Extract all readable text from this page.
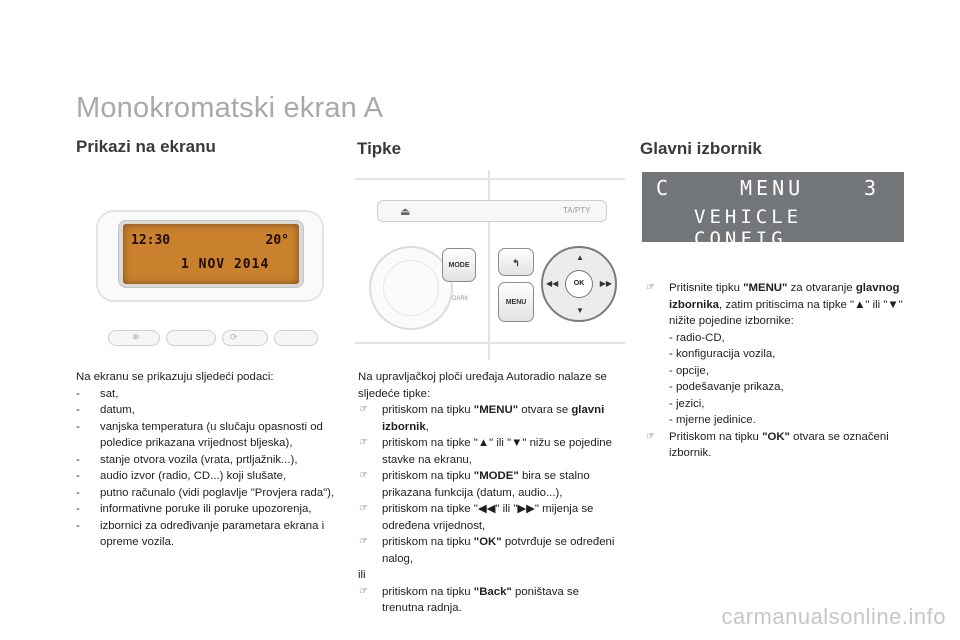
Monokromatski ekran A
Prikazi na ekranu	Tipke	Glavni izbornik
12:30	20°
1 NOV 2014
❄	⟳
⏏	TA/PTY
MODE
DARK
↰
MENU
▲
▼
◀◀	▶▶
OK
C	MENU	3
VEHICLE CONFIG
Na ekranu se prikazuju sljedeći podaci:
- sat,
- datum,
- vanjska temperatura (u slučaju opasnosti od poledice prikazana vrijednost bljeska),
- stanje otvora vozila (vrata, prtljažnik...),
- audio izvor (radio, CD...) koji slušate,
- putno računalo (vidi poglavlje "Provjera rada"),
- informativne poruke ili poruke upozorenja,
- izbornici za određivanje parametara ekrana i opreme vozila.
Na upravljačkoj ploči uređaja Autoradio nalaze se sljedeće tipke:
☞ pritiskom na tipku "MENU" otvara se glavni izbornik,
☞ pritiskom na tipke "▲" ili "▼" nižu se pojedine stavke na ekranu,
☞ pritiskom na tipku "MODE" bira se stalno prikazana funkcija (datum, audio...),
☞ pritiskom na tipke "◀◀" ili "▶▶" mijenja se određena vrijednost,
☞ pritiskom na tipku "OK" potvrđuje se određeni nalog,
ili
☞ pritiskom na tipku "Back" poništava se trenutna radnja.
☞ Pritisnite tipku "MENU" za otvaranje glavnog izbornika, zatim pritiscima na tipke "▲" ili "▼" nižite pojedine izbornike:
- radio-CD,
- konfiguracija vozila,
- opcije,
- podešavanje prikaza,
- jezici,
- mjerne jedinice.
☞ Pritiskom na tipku "OK" otvara se označeni izbornik.
carmanualsonline.info
